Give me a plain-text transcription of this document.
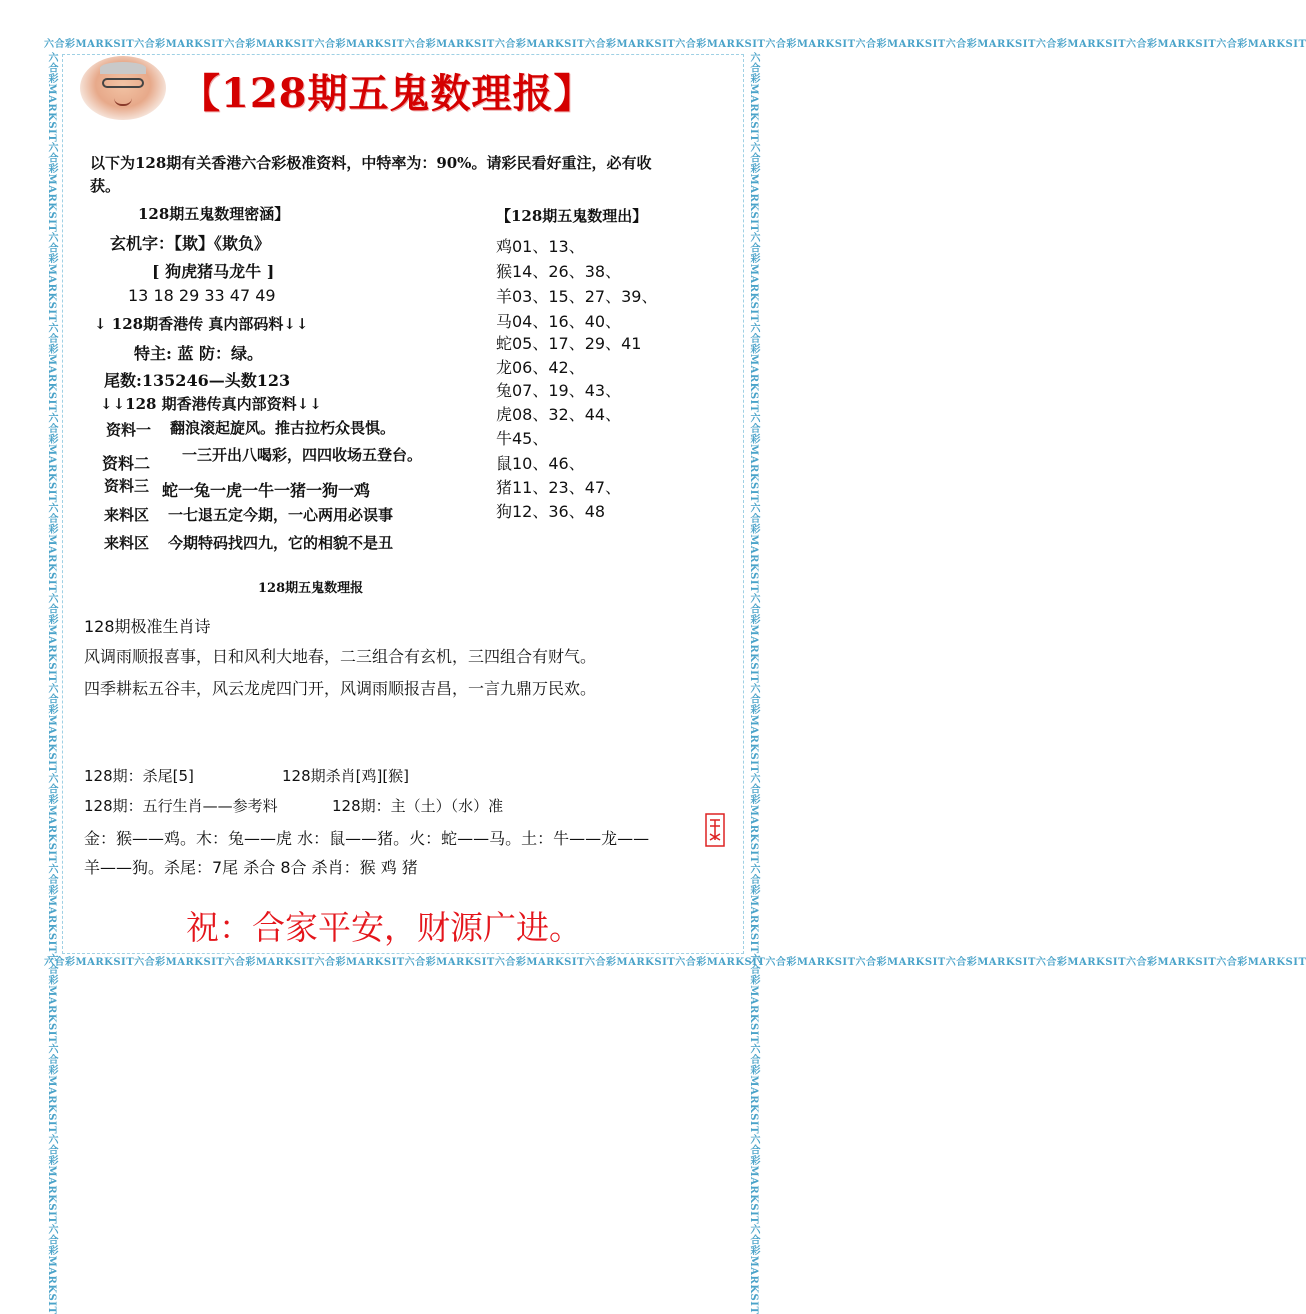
六合彩MARKSIT六合彩MARKSIT六合彩MARKSIT六合彩MARKSIT六合彩MARKSIT六合彩MARKSIT六合彩MARKSIT六合彩MARKSIT六合彩MARKSIT六合彩MARKSIT六合彩MARKSIT六合彩MARKSIT六合彩MARKSIT六合彩MARKSIT
六合彩MARKSIT六合彩MARKSIT六合彩MARKSIT六合彩MARKSIT六合彩MARKSIT六合彩MARKSIT六合彩MARKSIT六合彩MARKSIT六合彩MARKSIT六合彩MARKSIT六合彩MARKSIT六合彩MARKSIT六合彩MARKSIT六合彩MARKSIT
六合彩MARKSIT六合彩MARKSIT六合彩MARKSIT六合彩MARKSIT六合彩MARKSIT六合彩MARKSIT六合彩MARKSIT六合彩MARKSIT六合彩MARKSIT六合彩MARKSIT六合彩MARKSIT六合彩MARKSIT六合彩MARKSIT六合彩MARKSIT	六合彩MARKSIT六合彩MARKSIT六合彩MARKSIT六合彩MARKSIT六合彩MARKSIT六合彩MARKSIT六合彩MARKSIT六合彩MARKSIT六合彩MARKSIT六合彩MARKSIT六合彩MARKSIT六合彩MARKSIT六合彩MARKSIT六合彩MARKSIT
【128期五鬼数理报】
以下为128期有关香港六合彩极准资料，中特率为：90%。请彩民看好重注，必有收
获。
128期五鬼数理密涵】
玄机字：【欺】《欺负》
[ 狗虎猪马龙牛 ]
13 18 29 33 47 49
↓ 128期香港传 真内部码料↓↓
特主: 蓝 防：绿。
尾数:135246—头数123
↓↓128 期香港传真内部资料↓↓
资料一 翻浪滚起旋风。推古拉朽众畏惧。
资料二 一三开出八喝彩，四四收场五登台。
资料三 蛇一兔一虎一牛一猪一狗一鸡
来料区 一七退五定今期，一心两用必误事
来料区 今期特码找四九，它的相貌不是丑
【128期五鬼数理出】
鸡01、13、
猴14、26、38、
羊03、15、27、39、
马04、16、40、
蛇05、17、29、41
龙06、42、
兔07、19、43、
虎08、32、44、
牛45、
鼠10、46、
猪11、23、47、
狗12、36、48
128期五鬼数理报
128期极准生肖诗
风调雨顺报喜事，日和风利大地春，二三组合有玄机，三四组合有财气。
四季耕耘五谷丰，风云龙虎四门开，风调雨顺报吉昌，一言九鼎万民欢。
128期：杀尾[5]	128期杀肖[鸡][猴]
128期：五行生肖——参考料	128期：主（土）（水）准
金：猴——鸡。木：兔——虎 水：鼠——猪。火：蛇——马。土：牛——龙——
羊——狗。杀尾：7尾 杀合 8合 杀肖：猴 鸡 猪
祝：合家平安，财源广进。
